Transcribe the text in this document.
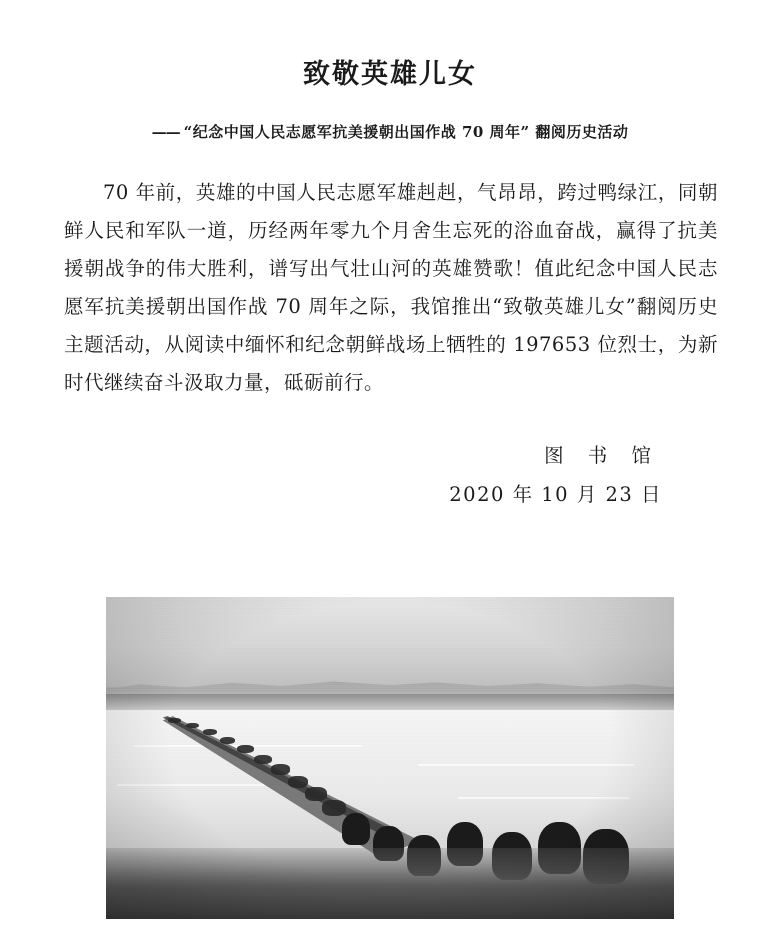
致敬英雄儿女

—— “纪念中国人民志愿军抗美援朝出国作战 70 周年” 翻阅历史活动

70 年前，英雄的中国人民志愿军雄赳赳，气昂昂，跨过鸭绿江，同朝鲜人民和军队一道，历经两年零九个月舍生忘死的浴血奋战，赢得了抗美援朝战争的伟大胜利，谱写出气壮山河的英雄赞歌！值此纪念中国人民志愿军抗美援朝出国作战 70 周年之际，我馆推出“致敬英雄儿女”翻阅历史主题活动，从阅读中缅怀和纪念朝鲜战场上牺牲的 197653 位烈士，为新时代继续奋斗汲取力量，砥砺前行。

图 书 馆

2020 年 10 月 23 日
